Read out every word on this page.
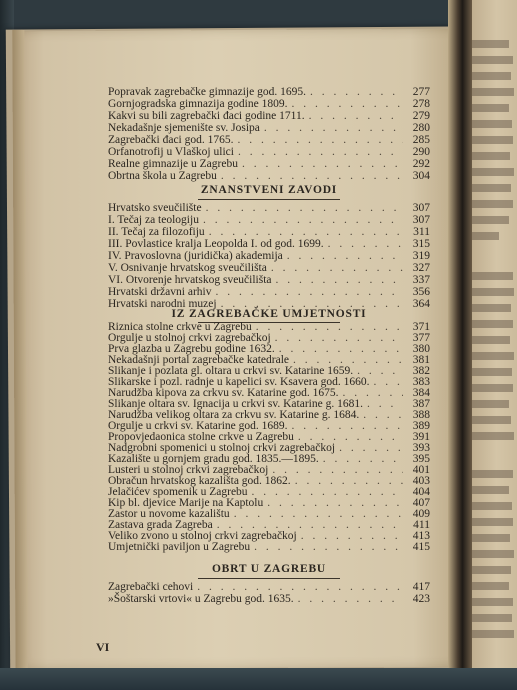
Popravak zagrebačke gimnazije god. 1695. . . .	277
Gornjogradska gimnazija godine 1809. . . .	278
Kakvi su bili zagrebački đaci godine 1711. . . .	279
Nekadašnje sjemenište sv. Josipa . . .	280
Zagrebački đaci god. 1765. . . .	285
Orfanotrofij u Vlaškoj ulici . . .	290
Realne gimnazije u Zagrebu . . .	292
Obrtna škola u Zagrebu . . .	304
ZNANSTVENI ZAVODI
Hrvatsko sveučilište . . .	307
I. Tečaj za teologiju . . .	307
II. Tečaj za filozofiju . . .	311
III. Povlastice kralja Leopolda I. od god. 1699. . . .	315
IV. Pravoslovna (juridička) akademija . . .	319
V. Osnivanje hrvatskog sveučilišta . . .	327
VI. Otvorenje hrvatskog sveučilišta . . .	337
Hrvatski državni arhiv . . .	356
Hrvatski narodni muzej . . .	364
IZ ZAGREBAČKE UMJETNOSTI
Riznica stolne crkve u Zagrebu . . .	371
Orgulje u stolnoj crkvi zagrebačkoj . . .	377
Prva glazba u Zagrebu godine 1632. . . .	380
Nekadašnji portal zagrebačke katedrale . . .	381
Slikanje i pozlata gl. oltara u crkvi sv. Katarine 1659. . . .	382
Slikarske i pozl. radnje u kapelici sv. Ksavera god. 1660. . . .	383
Narudžba kipova za crkvu sv. Katarine god. 1675. . . .	384
Slikanje oltara sv. Ignacija u crkvi sv. Katarine g. 1681. . . .	387
Narudžba velikog oltara za crkvu sv. Katarine g. 1684. . . .	388
Orgulje u crkvi sv. Katarine god. 1689. . . .	389
Propovjedaonica stolne crkve u Zagrebu . . .	391
Nadgrobni spomenici u stolnoj crkvi zagrebačkoj . . .	393
Kazalište u gornjem gradu god. 1835.—1895. . . .	395
Lusteri u stolnoj crkvi zagrebačkoj . . .	401
Obračun hrvatskog kazališta god. 1862. . . .	403
Jelačićev spomenik u Zagrebu . . .	404
Kip bl. djevice Marije na Kaptolu . . .	407
Zastor u novome kazalištu . . .	409
Zastava grada Zagreba . . .	411
Veliko zvono u stolnoj crkvi zagrebačkoj . . .	413
Umjetnički paviljon u Zagrebu . . .	415
OBRT U ZAGREBU
Zagrebački cehovi . . .	417
»Šoštarski vrtovi« u Zagrebu god. 1635. . . .	423
VI
